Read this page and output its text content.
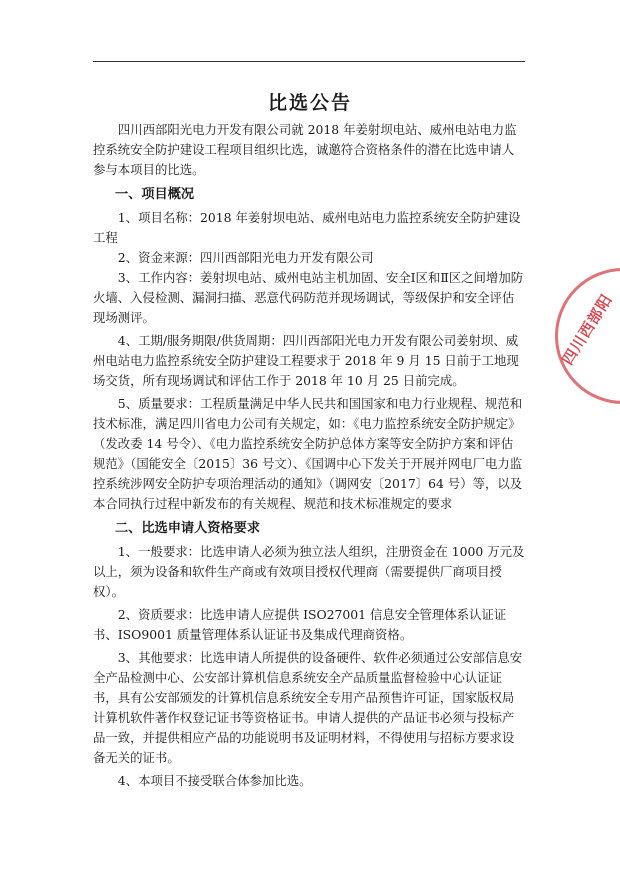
比选公告

四川西部阳光电力开发有限公司就 2018 年姜射坝电站、威州电站电力监控系统安全防护建设工程项目组织比选，诚邀符合资格条件的潜在比选申请人参与本项目的比选。

一、项目概况

1、项目名称：2018 年姜射坝电站、威州电站电力监控系统安全防护建设工程

2、资金来源：四川西部阳光电力开发有限公司

3、工作内容：姜射坝电站、威州电站主机加固、安全Ⅰ区和Ⅱ区之间增加防火墙、入侵检测、漏洞扫描、恶意代码防范并现场调试，等级保护和安全评估现场测评。

4、工期/服务期限/供货周期：四川西部阳光电力开发有限公司姜射坝、威州电站电力监控系统安全防护建设工程要求于 2018 年 9 月 15 日前于工地现场交货，所有现场调试和评估工作于 2018 年 10 月 25 日前完成。

5、质量要求：工程质量满足中华人民共和国国家和电力行业规程、规范和技术标准，满足四川省电力公司有关规定，如：《电力监控系统安全防护规定》（发改委 14 号令）、《电力监控系统安全防护总体方案等安全防护方案和评估规范》（国能安全〔2015〕36 号文）、《国调中心下发关于开展并网电厂电力监控系统涉网安全防护专项治理活动的通知》（调网安〔2017〕64 号）等，以及本合同执行过程中新发布的有关规程、规范和技术标准规定的要求

二、比选申请人资格要求

1、一般要求：比选申请人必须为独立法人组织，注册资金在 1000 万元及以上，须为设备和软件生产商或有效项目授权代理商（需要提供厂商项目授权）。

2、资质要求：比选申请人应提供 ISO27001 信息安全管理体系认证证书、ISO9001 质量管理体系认证证书及集成代理商资格。

3、其他要求：比选申请人所提供的设备硬件、软件必须通过公安部信息安全产品检测中心、公安部计算机信息系统安全产品质量监督检验中心认证证书，具有公安部颁发的计算机信息系统安全专用产品预售许可证，国家版权局计算机软件著作权登记证书等资格证书。申请人提供的产品证书必须与投标产品一致，并提供相应产品的功能说明书及证明材料，不得使用与招标方要求设备无关的证书。

4、本项目不接受联合体参加比选。

四川西部阳
